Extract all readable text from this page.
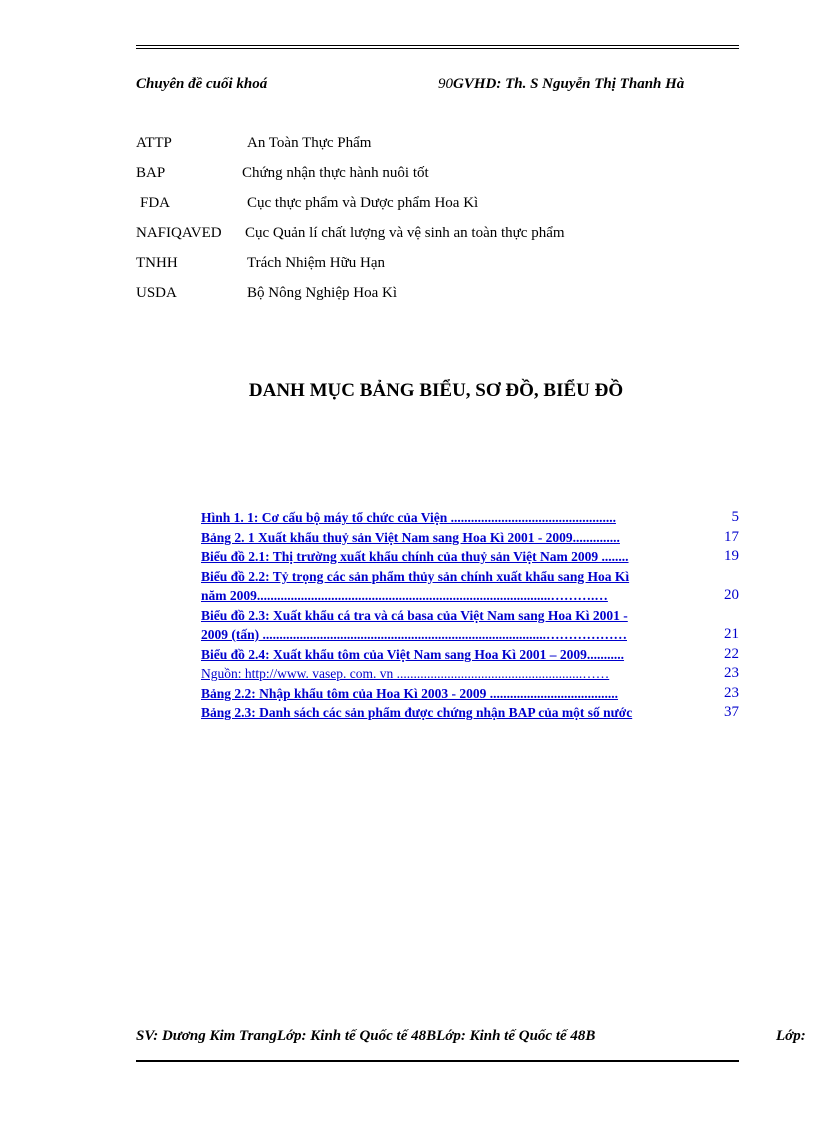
Chuyên đề cuối khoá	90GVHD: Th. S Nguyễn Thị Thanh Hà
ATTP	An Toàn Thực Phẩm
BAP	Chứng nhận thực hành nuôi tốt
FDA	Cục thực phẩm và Dược phẩm Hoa Kì
NAFIQAVED Cục Quản lí chất lượng và vệ sinh an toàn thực phẩm
TNHH	Trách Nhiệm Hữu Hạn
USDA	Bộ Nông Nghiệp Hoa Kì
DANH MỤC BẢNG BIỂU, SƠ ĐỒ, BIỂU ĐỒ
Hình 1. 1: Cơ cấu bộ máy tổ chức của Viện .................................................	5
Bảng 2. 1 Xuất khẩu thuỷ sản Việt Nam sang Hoa Kì 2001 - 2009..............	17
Biểu đồ 2.1: Thị trường xuất khẩu chính của thuỷ sản Việt Nam 2009 ........	19
Biểu đồ 2.2: Tỷ trọng các sản phẩm thủy sản chính xuất khẩu sang Hoa Kì
năm 2009.......................................................................................……….…	20
Biểu đồ 2.3: Xuất khẩu cá tra và cá basa của Việt Nam sang Hoa Kì 2001 -
2009 (tấn) ....................................................................................………………	21
Biểu đồ 2.4: Xuất khẩu tôm của Việt Nam sang Hoa Kì 2001 – 2009...........	22
Nguồn: http://www. vasep. com. vn .......................................................……	23
Bảng 2.2: Nhập khẩu tôm của Hoa Kì 2003 - 2009 ......................................	23
Bảng 2.3: Danh sách các sản phẩm được chứng nhận BAP của một số nước	37
SV: Dương Kim TrangLớp: Kinh tế Quốc tế 48BLớp: Kinh tế Quốc tế 48B	Lớp:
